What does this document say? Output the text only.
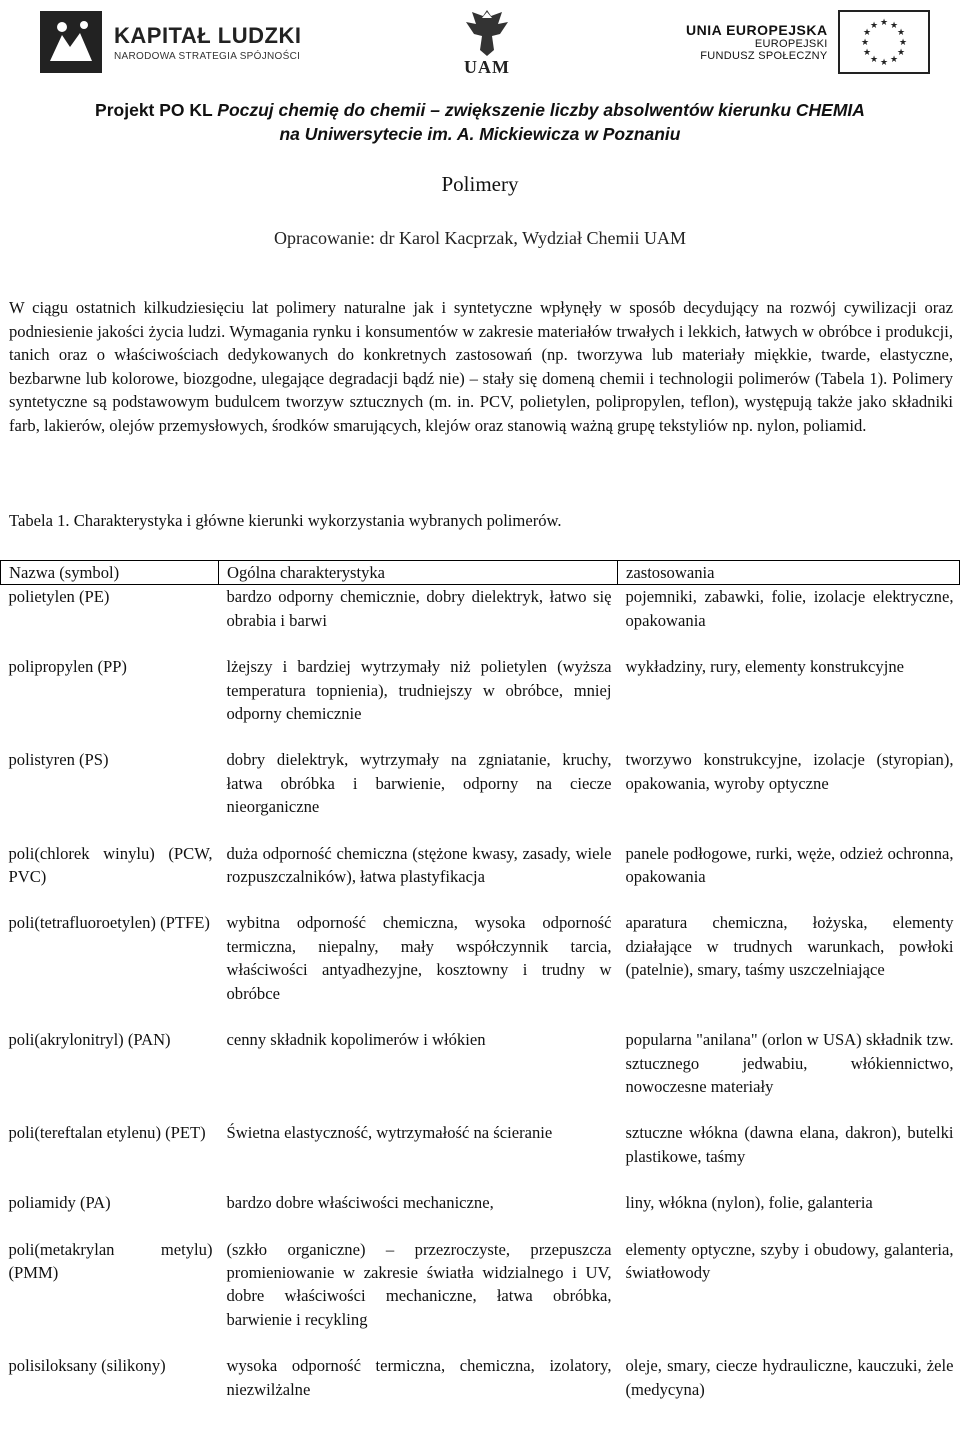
KAPITAŁ LUDZKI
NARODOWA STRATEGIA SPÓJNOŚCI
UAM
UNIA EUROPEJSKA
EUROPEJSKI
FUNDUSZ SPOŁECZNY
★ ★
★
★
★
★
★
★
★
★
★
★
Projekt PO KL Poczuj chemię do chemii – zwiększenie liczby absolwentów kierunku CHEMIA
na Uniwersytecie im. A. Mickiewicza w Poznaniu
Polimery
Opracowanie: dr Karol Kacprzak, Wydział Chemii UAM

W ciągu ostatnich kilkudziesięciu lat polimery naturalne jak i syntetyczne wpłynęły w sposób decydujący na rozwój cywilizacji oraz podniesienie jakości życia ludzi. Wymagania rynku i konsumentów w zakresie materiałów trwałych i lekkich, łatwych w obróbce i produkcji, tanich oraz o właściwościach dedykowanych do konkretnych zastosowań (np. tworzywa lub materiały miękkie, twarde, elastyczne, bezbarwne lub kolorowe, biozgodne, ulegające degradacji bądź nie) – stały się domeną chemii i technologii polimerów (Tabela 1). Polimery syntetyczne są podstawowym budulcem tworzyw sztucznych (m. in. PCV, polietylen, polipropylen, teflon), występują także jako składniki farb, lakierów, olejów przemysłowych, środków smarujących, klejów oraz stanowią ważną grupę tekstyliów np. nylon, poliamid.

Tabela 1. Charakterystyka i główne kierunki wykorzystania wybranych polimerów.
Nazwa (symbol)	Ogólna charakterystyka	zastosowania
polietylen (PE)	bardzo odporny chemicznie, dobry dielektryk, łatwo się obrabia i barwi	pojemniki, zabawki, folie, izolacje elektryczne, opakowania
polipropylen (PP)	lżejszy i bardziej wytrzymały niż polietylen (wyższa temperatura topnienia), trudniejszy w obróbce, mniej odporny chemicznie	wykładziny, rury, elementy konstrukcyjne
polistyren (PS)	dobry dielektryk, wytrzymały na zgniatanie, kruchy, łatwa obróbka i barwienie, odporny na ciecze nieorganiczne	tworzywo konstrukcyjne, izolacje (styropian), opakowania, wyroby optyczne
poli(chlorek winylu) (PCW, PVC)	duża odporność chemiczna (stężone kwasy, zasady, wiele rozpuszczalników), łatwa plastyfikacja	panele podłogowe, rurki, węże, odzież ochronna, opakowania
poli(tetrafluoroetylen) (PTFE)	wybitna odporność chemiczna, wysoka odporność termiczna, niepalny, mały współczynnik tarcia, właściwości antyadhezyjne, kosztowny i trudny w obróbce	aparatura chemiczna, łożyska, elementy działające w trudnych warunkach, powłoki (patelnie), smary, taśmy uszczelniające
poli(akrylonitryl) (PAN)	cenny składnik kopolimerów i włókien	popularna "anilana" (orlon w USA) składnik tzw. sztucznego jedwabiu, włókiennictwo, nowoczesne materiały
poli(tereftalan etylenu) (PET)	Świetna elastyczność, wytrzymałość na ścieranie	sztuczne włókna (dawna elana, dakron), butelki plastikowe, taśmy
poliamidy (PA)	bardzo dobre właściwości mechaniczne,	liny, włókna (nylon), folie, galanteria
poli(metakrylan metylu) (PMM)	(szkło organiczne) – przezroczyste, przepuszcza promieniowanie w zakresie światła widzialnego i UV, dobre właściwości mechaniczne, łatwa obróbka, barwienie i recykling	elementy optyczne, szyby i obudowy, galanteria, światłowody
polisiloksany (silikony)	wysoka odporność termiczna, chemiczna, izolatory, niezwilżalne	oleje, smary, ciecze hydrauliczne, kauczuki, żele (medycyna)
